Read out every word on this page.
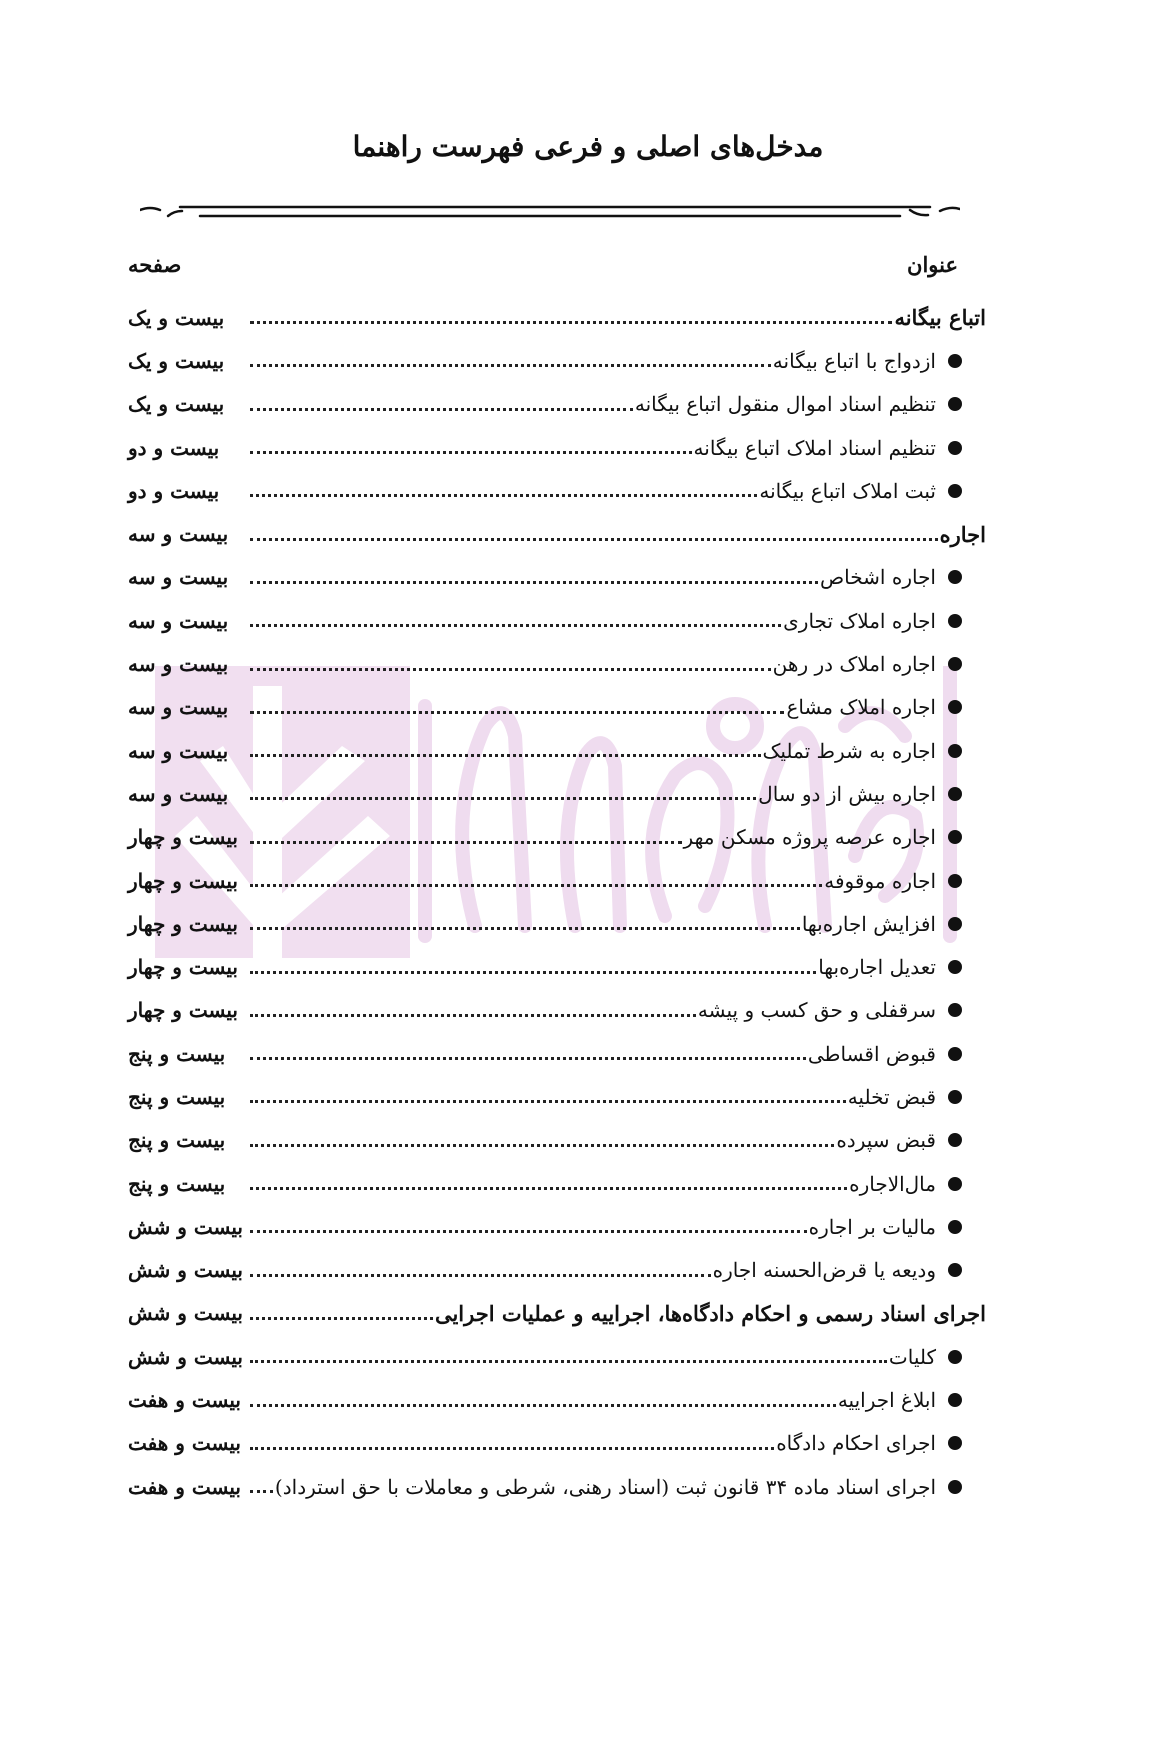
مدخل‌های اصلی و فرعی فهرست راهنما
عنوان
صفحه
اتباع بیگانه
بیست و یک
ازدواج با اتباع بیگانه
بیست و یک
تنظیم اسناد اموال منقول اتباع بیگانه
بیست و یک
تنظیم اسناد املاک اتباع بیگانه
بیست و دو
ثبت املاک اتباع بیگانه
بیست و دو
اجاره
بیست و سه
اجاره اشخاص
بیست و سه
اجاره املاک تجاری
بیست و سه
اجاره املاک در رهن
بیست و سه
اجاره املاک مشاع
بیست و سه
اجاره به شرط تملیک
بیست و سه
اجاره بیش از دو سال
بیست و سه
اجاره عرصه پروژه مسکن مهر
بیست و چهار
اجاره موقوفه
بیست و چهار
افزایش اجاره‌بها
بیست و چهار
تعدیل اجاره‌بها
بیست و چهار
سرقفلی و حق کسب و پیشه
بیست و چهار
قبوض اقساطی
بیست و پنج
قبض تخلیه
بیست و پنج
قبض سپرده
بیست و پنج
مال‌الاجاره
بیست و پنج
مالیات بر اجاره
بیست و شش
ودیعه یا قرض‌الحسنه اجاره
بیست و شش
اجرای اسناد رسمی و احکام دادگاه‌ها، اجراییه و عملیات اجرایی
بیست و شش
کلیات
بیست و شش
ابلاغ اجراییه
بیست و هفت
اجرای احکام دادگاه
بیست و هفت
اجرای اسناد ماده ۳۴ قانون ثبت (اسناد رهنی، شرطی و معاملات با حق استرداد)
بیست و هفت
